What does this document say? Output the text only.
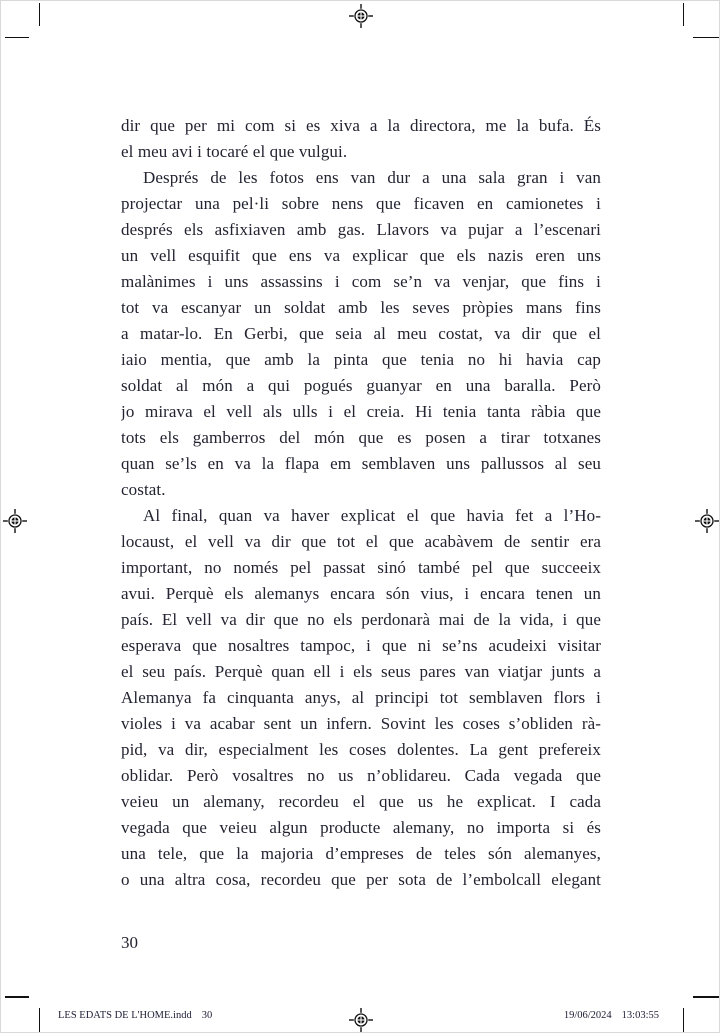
dir que per mi com si es xiva a la directora, me la bufa. És
el meu avi i tocaré el que vulgui.
Després de les fotos ens van dur a una sala gran i van
projectar una pel·li sobre nens que ficaven en camionetes i
després els asfixiaven amb gas. Llavors va pujar a l’escenari
un vell esquifit que ens va explicar que els nazis eren uns
malànimes i uns assassins i com se’n va venjar, que fins i
tot va escanyar un soldat amb les seves pròpies mans fins
a matar-lo. En Gerbi, que seia al meu costat, va dir que el
iaio mentia, que amb la pinta que tenia no hi havia cap
soldat al món a qui pogués guanyar en una baralla. Però
jo mirava el vell als ulls i el creia. Hi tenia tanta ràbia que
tots els gamberros del món que es posen a tirar totxanes
quan se’ls en va la flapa em semblaven uns pallussos al seu
costat.
Al final, quan va haver explicat el que havia fet a l’Ho-
locaust, el vell va dir que tot el que acabàvem de sentir era
important, no només pel passat sinó també pel que succeeix
avui. Perquè els alemanys encara són vius, i encara tenen un
país. El vell va dir que no els perdonarà mai de la vida, i que
esperava que nosaltres tampoc, i que ni se’ns acudeixi visitar
el seu país. Perquè quan ell i els seus pares van viatjar junts a
Alemanya fa cinquanta anys, al principi tot semblaven flors i
violes i va acabar sent un infern. Sovint les coses s’obliden rà-
pid, va dir, especialment les coses dolentes. La gent prefereix
oblidar. Però vosaltres no us n’oblidareu. Cada vegada que
veieu un alemany, recordeu el que us he explicat. I cada
vegada que veieu algun producte alemany, no importa si és
una tele, que la majoria d’empreses de teles són alemanyes,
o una altra cosa, recordeu que per sota de l’embolcall elegant
30
LES EDATS DE L'HOME.indd 30	19/06/2024 13:03:55
